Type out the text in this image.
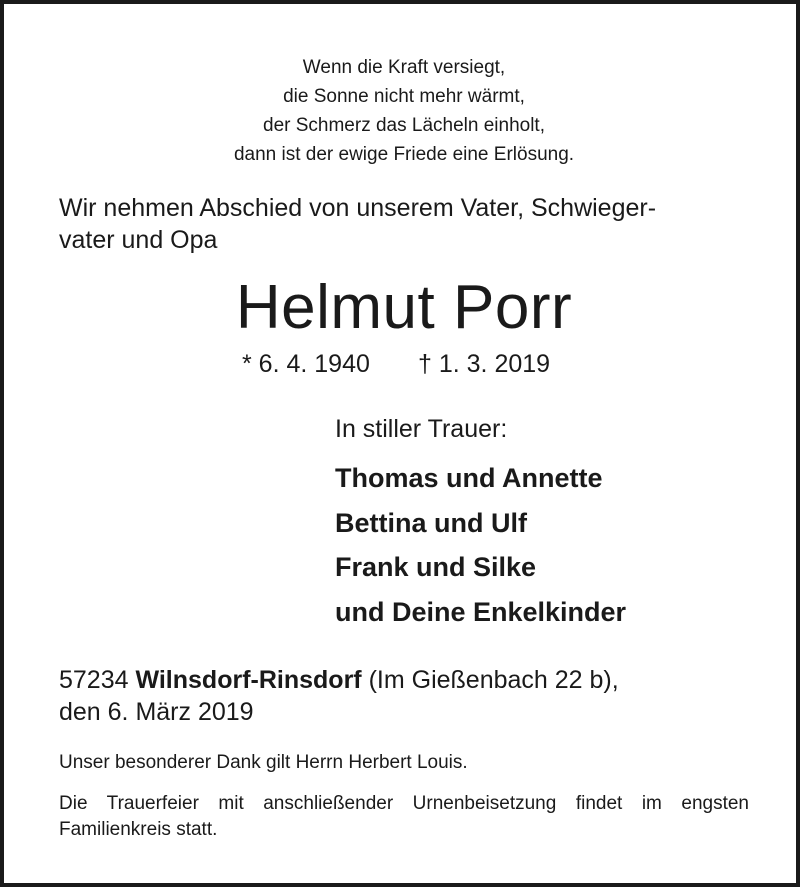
Wenn die Kraft versiegt,
die Sonne nicht mehr wärmt,
der Schmerz das Lächeln einholt,
dann ist der ewige Friede eine Erlösung.
Wir nehmen Abschied von unserem Vater, Schwieger-
vater und Opa
Helmut Porr
* 6. 4. 1940 † 1. 3. 2019
In stiller Trauer:
Thomas und Annette
Bettina und Ulf
Frank und Silke
und Deine Enkelkinder
57234 Wilnsdorf-Rinsdorf (Im Gießenbach 22 b),
den 6. März 2019
Unser besonderer Dank gilt Herrn Herbert Louis.
Die Trauerfeier mit anschließender Urnenbeisetzung findet im engsten Familienkreis statt.
